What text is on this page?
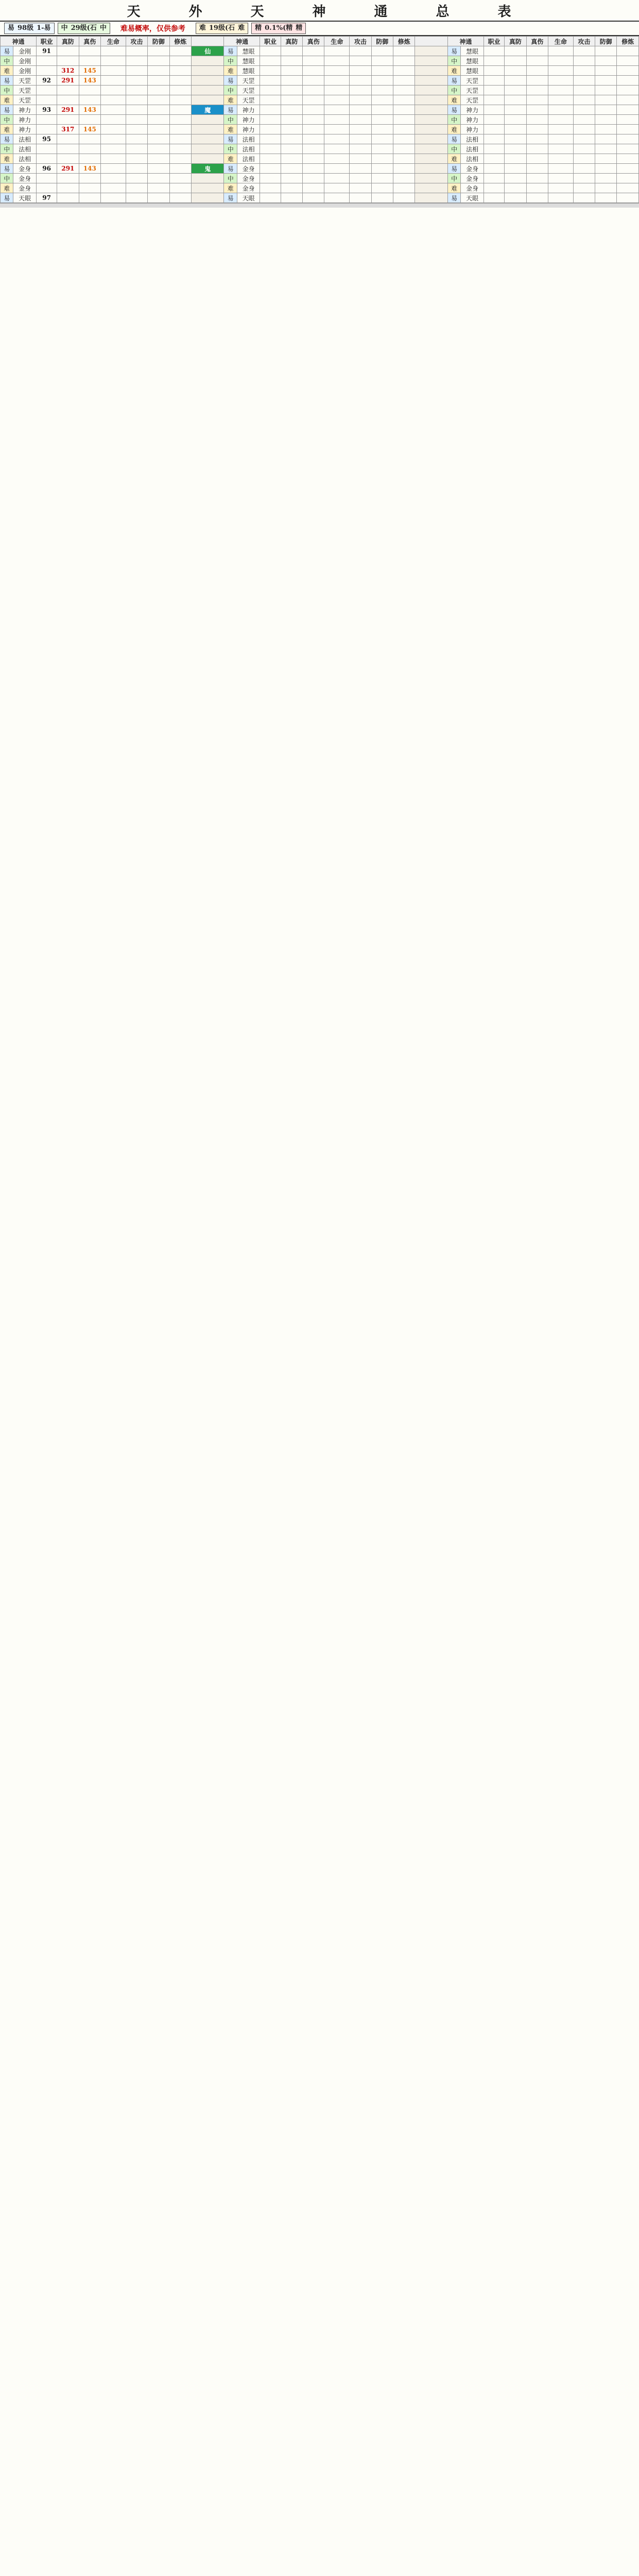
天	外	天	神	通	总	表
易 98级 1-易 中 29级(石 中 难易概率，仅供参考 难 19级(石 难 精 0.1%(精 精
神通		职业	真防	真伤	生命	攻击	防御	修炼		神通		职业	真防	真伤	生命	攻击	防御	修炼		神通		职业	真防	真伤	生命	攻击	防御	修炼
易	金刚	91							仙	易	慧眼									易	慧眼							
中	金刚									中	慧眼									中	慧眼							
难	金刚		312	145						难	慧眼									难	慧眼							
易	天罡	92	291	143						易	天罡									易	天罡							
中	天罡									中	天罡									中	天罡							
难	天罡									难	天罡									难	天罡							
易	神力	93	291	143					魔	易	神力									易	神力							
中	神力									中	神力									中	神力							
难	神力		317	145						难	神力									难	神力							
易	法相	95								易	法相									易	法相							
中	法相									中	法相									中	法相							
难	法相									难	法相									难	法相							
易	金身	96	291	143					鬼	易	金身									易	金身							
中	金身									中	金身									中	金身							
难	金身									难	金身									难	金身							
易	天眼	97								易	天眼									易	天眼							
